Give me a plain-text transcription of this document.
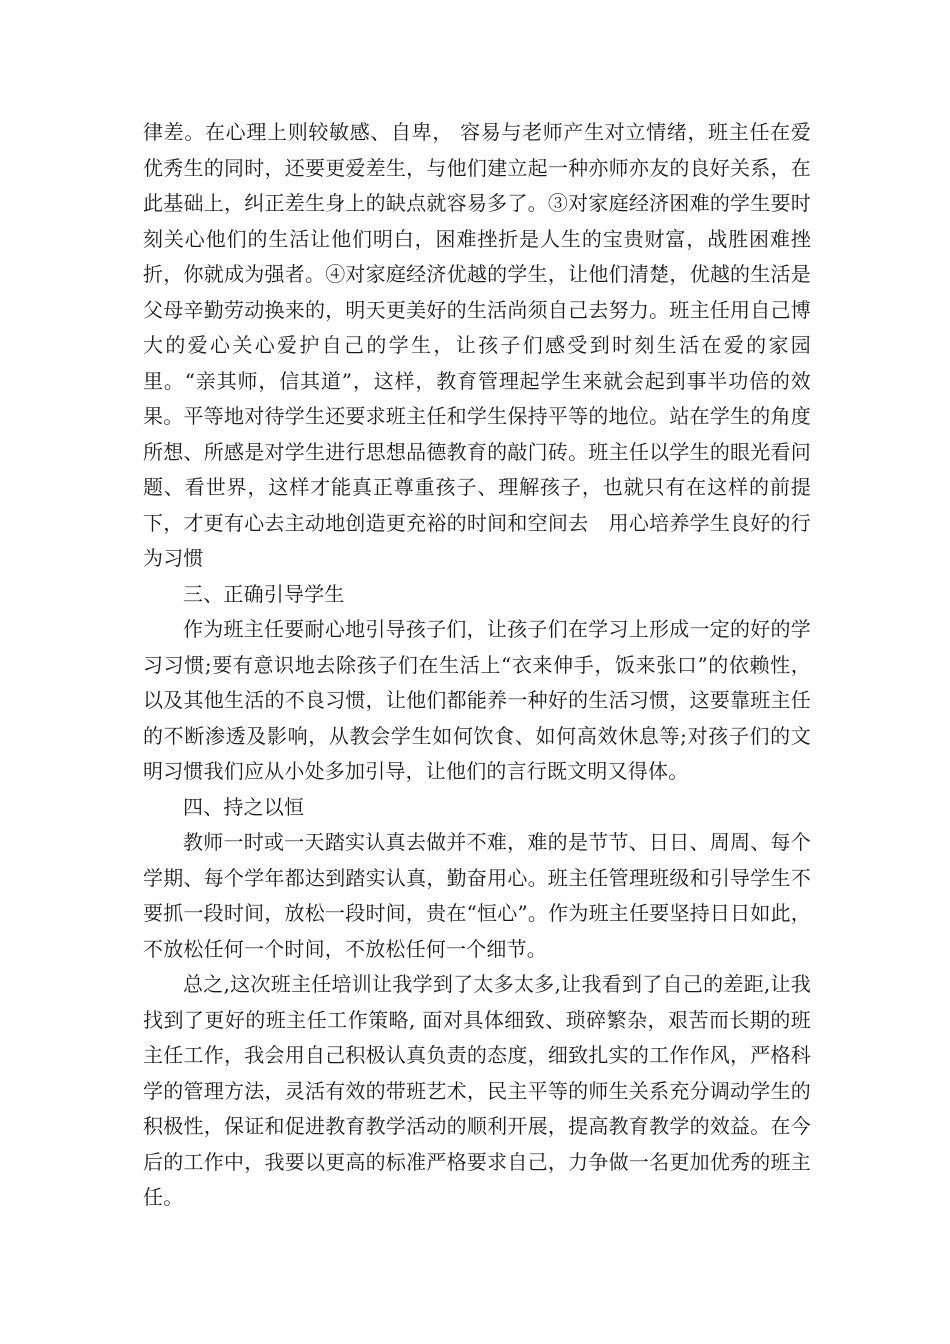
律差。在心理上则较敏感、自卑， 容易与老师产生对立情绪，班主任在爱优秀生的同时，还要更爱差生，与他们建立起一种亦师亦友的良好关系，在此基础上，纠正差生身上的缺点就容易多了。③对家庭经济困难的学生要时刻关心他们的生活让他们明白，困难挫折是人生的宝贵财富，战胜困难挫折，你就成为强者。④对家庭经济优越的学生，让他们清楚，优越的生活是父母辛勤劳动换来的，明天更美好的生活尚须自己去努力。班主任用自己博大的爱心关心爱护自己的学生，让孩子们感受到时刻生活在爱的家园里。“亲其师，信其道”，这样，教育管理起学生来就会起到事半功倍的效果。平等地对待学生还要求班主任和学生保持平等的地位。站在学生的角度所想、所感是对学生进行思想品德教育的敲门砖。班主任以学生的眼光看问题、看世界，这样才能真正尊重孩子、理解孩子，也就只有在这样的前提下，才更有心去主动地创造更充裕的时间和空间去　用心培养学生良好的行为习惯

三、正确引导学生

作为班主任要耐心地引导孩子们，让孩子们在学习上形成一定的好的学习习惯;要有意识地去除孩子们在生活上“衣来伸手，饭来张口”的依赖性，以及其他生活的不良习惯，让他们都能养一种好的生活习惯，这要靠班主任的不断渗透及影响，从教会学生如何饮食、如何高效休息等;对孩子们的文明习惯我们应从小处多加引导，让他们的言行既文明又得体。

四、持之以恒

教师一时或一天踏实认真去做并不难，难的是节节、日日、周周、每个学期、每个学年都达到踏实认真，勤奋用心。班主任管理班级和引导学生不要抓一段时间，放松一段时间，贵在“恒心”。作为班主任要坚持日日如此，不放松任何一个时间，不放松任何一个细节。

总之,这次班主任培训让我学到了太多太多,让我看到了自己的差距,让我找到了更好的班主任工作策略, 面对具体细致、琐碎繁杂，艰苦而长期的班主任工作，我会用自己积极认真负责的态度，细致扎实的工作作风，严格科学的管理方法，灵活有效的带班艺术，民主平等的师生关系充分调动学生的积极性，保证和促进教育教学活动的顺利开展，提高教育教学的效益。在今后的工作中，我要以更高的标准严格要求自己，力争做一名更加优秀的班主任。
